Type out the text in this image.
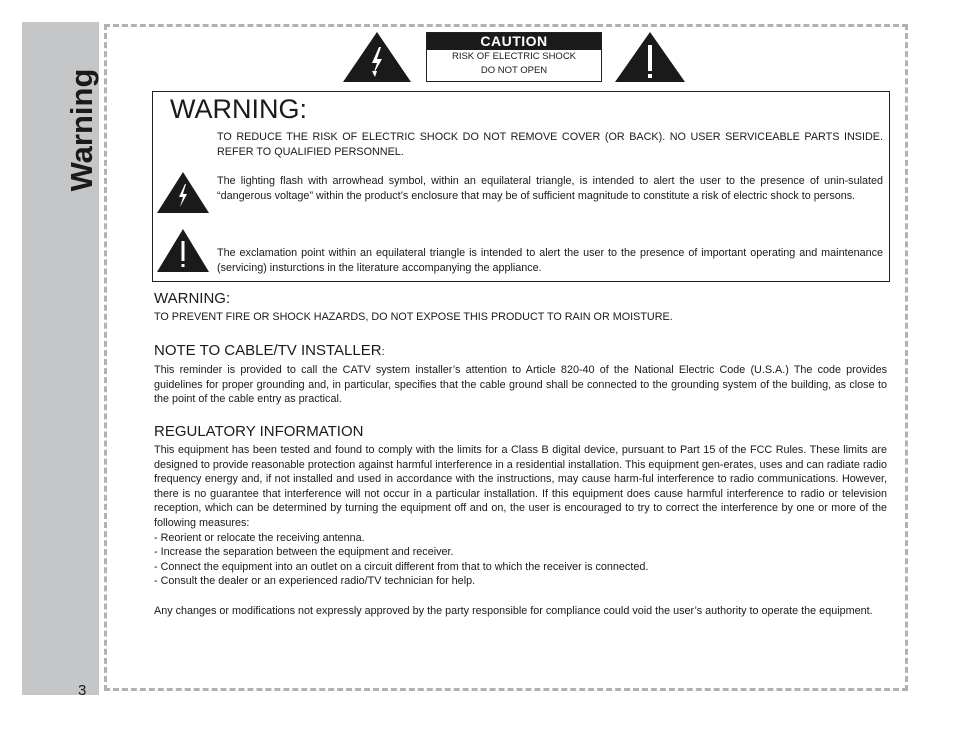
Warning
3
CAUTION
RISK OF ELECTRIC SHOCK
DO NOT OPEN
WARNING:

TO REDUCE THE RISK OF ELECTRIC SHOCK DO NOT REMOVE COVER (OR BACK). NO USER SERVICEABLE PARTS INSIDE. REFER TO QUALIFIED PERSONNEL.

The lighting flash with arrowhead symbol, within an equilateral triangle, is intended to alert the user to the presence of unin-sulated “dangerous voltage” within the product’s enclosure that may be of sufficient magnitude to constitute a risk of electric shock to persons.

The exclamation point within an equilateral triangle is intended to alert the user to the presence of important operating and maintenance (servicing) insturctions in the literature accompanying the appliance.

WARNING:

TO PREVENT FIRE OR SHOCK HAZARDS, DO NOT EXPOSE THIS PRODUCT TO RAIN OR MOISTURE.

NOTE TO CABLE/TV INSTALLER:

This reminder is provided to call the CATV system installer’s attention to Article 820-40 of the National Electric Code (U.S.A.) The code provides guidelines for proper grounding and, in particular, specifies that the cable ground shall be connected to the grounding system of the building, as close to the point of the cable entry as practical.

REGULATORY INFORMATION

This equipment has been tested and found to comply with the limits for a Class B digital device, pursuant to Part 15 of the FCC Rules. These limits are designed to provide reasonable protection against harmful interference in a residential installation. This equipment gen-erates, uses and can radiate radio frequency energy and, if not installed and used in accordance with the instructions, may cause harm-ful interference to radio communications. However, there is no guarantee that interference will not occur in a particular installation. If this equipment does cause harmful interference to radio or television reception, which can be determined by turning the equipment off and on, the user is encouraged to try to correct the interference by one or more of the following measures:

- Reorient or relocate the receiving antenna.

- Increase the separation between the equipment and receiver.

- Connect the equipment into an outlet on a circuit different from that to which the receiver is connected.

- Consult the dealer or an experienced radio/TV technician for help.

Any changes or modifications not expressly approved by the party responsible for compliance could void the user’s authority to operate the equipment.
